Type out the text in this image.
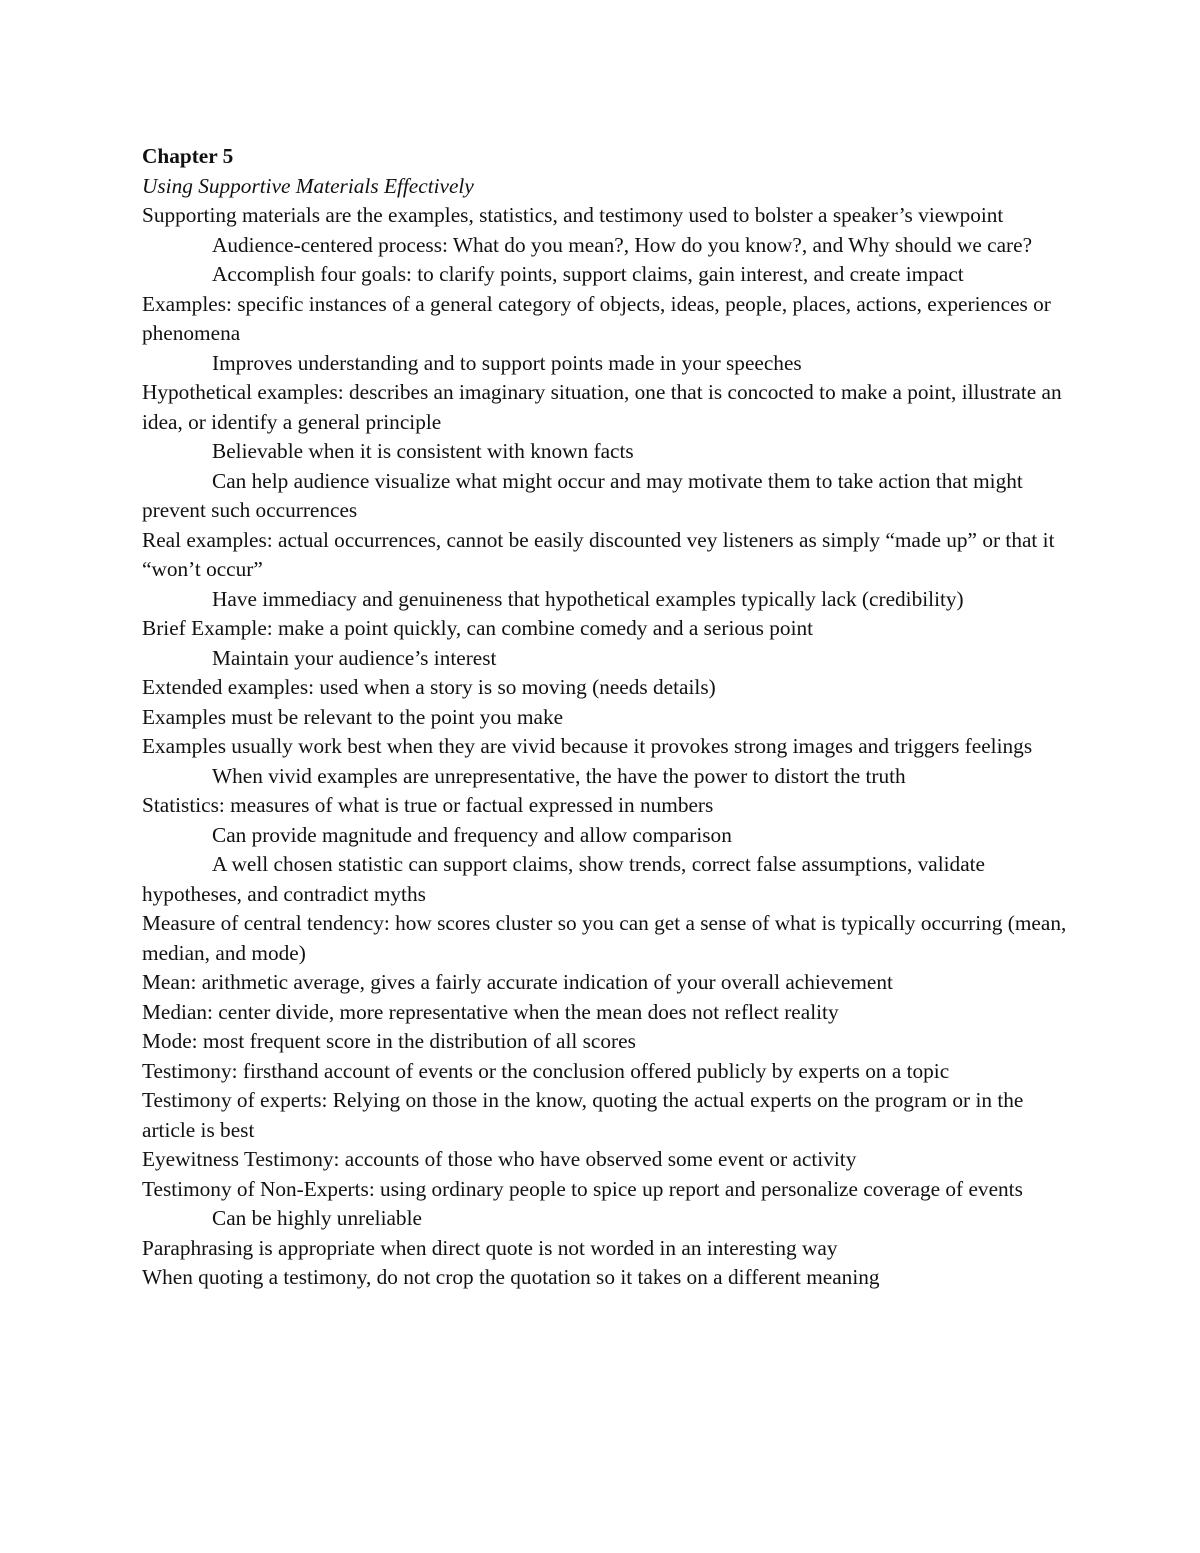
Chapter 5

Using Supportive Materials Effectively

Supporting materials are the examples, statistics, and testimony used to bolster a speaker’s viewpoint

Audience-centered process: What do you mean?, How do you know?, and Why should we care?

Accomplish four goals: to clarify points, support claims, gain interest, and create impact

Examples: specific instances of a general category of objects, ideas, people, places, actions, experiences or phenomena

Improves understanding and to support points made in your speeches

Hypothetical examples: describes an imaginary situation, one that is concocted to make a point, illustrate an idea, or identify a general principle

Believable when it is consistent with known facts

Can help audience visualize what might occur and may motivate them to take action that might prevent such occurrences

Real examples: actual occurrences, cannot be easily discounted vey listeners as simply “made up” or that it “won’t occur”

Have immediacy and genuineness that hypothetical examples typically lack (credibility)

Brief Example: make a point quickly, can combine comedy and a serious point

Maintain your audience’s interest

Extended examples: used when a story is so moving (needs details)

Examples must be relevant to the point you make

Examples usually work best when they are vivid because it provokes strong images and triggers feelings

When vivid examples are unrepresentative, the have the power to distort the truth

Statistics: measures of what is true or factual expressed in numbers

Can provide magnitude and frequency and allow comparison

A well chosen statistic can support claims, show trends, correct false assumptions, validate hypotheses, and contradict myths

Measure of central tendency: how scores cluster so you can get a sense of what is typically occurring (mean, median, and mode)

Mean: arithmetic average, gives a fairly accurate indication of your overall achievement

Median: center divide, more representative when the mean does not reflect reality

Mode: most frequent score in the distribution of all scores

Testimony: firsthand account of events or the conclusion offered publicly by experts on a topic

Testimony of experts: Relying on those in the know, quoting the actual experts on the program or in the article is best

Eyewitness Testimony: accounts of those who have observed some event or activity

Testimony of Non-Experts: using ordinary people to spice up report and personalize coverage of events

Can be highly unreliable

Paraphrasing is appropriate when direct quote is not worded in an interesting way

When quoting a testimony, do not crop the quotation so it takes on a different meaning
